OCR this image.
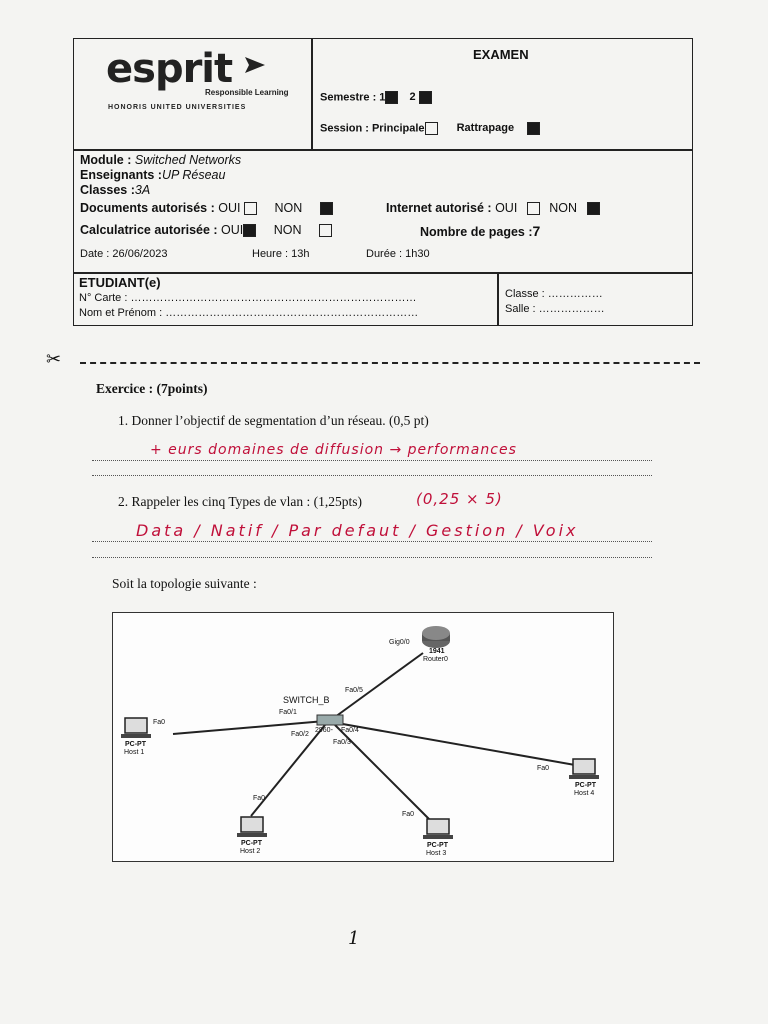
esprit
Responsible Learning
HONORIS UNITED UNIVERSITIES
EXAMEN
Semestre : 1 2
Session : Principale	Rattrapage
Module : Switched Networks
Enseignants :UP Réseau
Classes :3A
Documents autorisés : OUI	NON	Internet autorisé : OUI	NON
Calculatrice autorisée : OUI NON	Nombre de pages :7
Date : 26/06/2023	Heure : 13h	Durée : 1h30
ETUDIANT(e)
N° Carte : ……………………………………………………………………
Nom et Prénom : ……………………………………………………………
Classe : ……………
Salle : ………………
✂
Exercice : (7points)
1. Donner l’objectif de segmentation d’un réseau. (0,5 pt)
+ eurs domaines de diffusion → performances
2. Rappeler les cinq Types de vlan : (1,25pts)	(0,25 × 5)
Data / Natif / Par defaut / Gestion / Voix
Soit la topologie suivante :
Gig0/0
1941
Router0
SWITCH_B
Fa0/5
Fa0/1
Fa0/2
2960-
Fa0/3
Fa0/4
Fa0
PC-PT
Host 1
Fa0
PC-PT
Host 2
Fa0
PC-PT
Host 3
Fa0
PC-PT
Host 4
1
